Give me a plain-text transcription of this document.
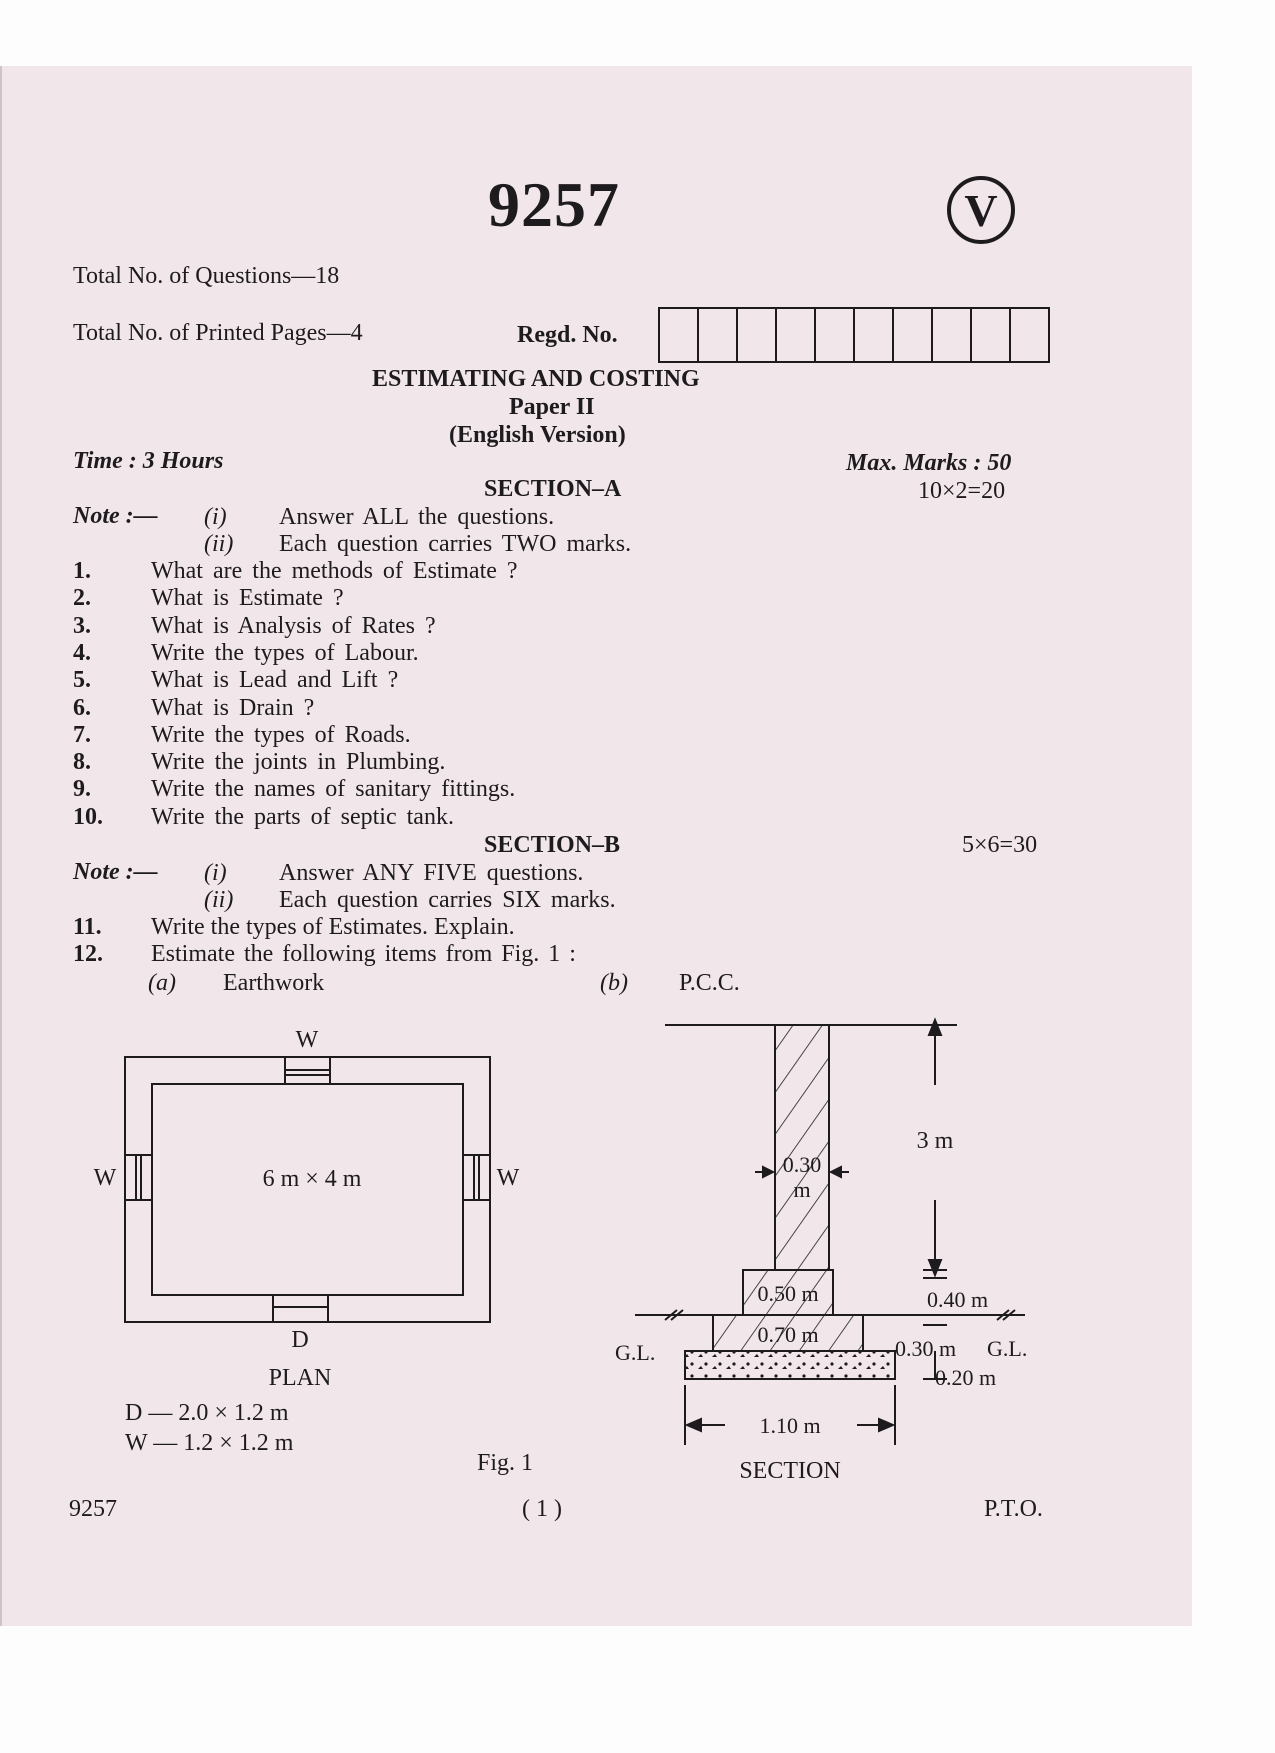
9257	V
Total No. of Questions—18
Total No. of Printed Pages—4	Regd. No.
ESTIMATING AND COSTING
Paper II
(English Version)
Time : 3 Hours	Max. Marks : 50
SECTION–A	10×2=20
Note :— (i) Answer ALL the questions.
(ii) Each question carries TWO marks.
1.	What are the methods of Estimate ?
2.	What is Estimate ?
3.	What is Analysis of Rates ?
4.	Write the types of Labour.
5.	What is Lead and Lift ?
6.	What is Drain ?
7.	Write the types of Roads.
8.	Write the joints in Plumbing.
9.	Write the names of sanitary fittings.
10. Write the parts of septic tank.
SECTION–B	5×6=30
Note :— (i) Answer ANY FIVE questions.
(ii) Each question carries SIX marks.
11. Write the types of Estimates. Explain.
12. Estimate the following items from Fig. 1 :
(a) Earthwork	(b) P.C.C.
W
W	W
6 m × 4 m
D
PLAN
D — 2.0 × 1.2 m
W — 1.2 × 1.2 m
Fig. 1
0.30
m
3 m
0.50 m	0.40 m
0.70 m
0.30 m G.L.
G.L.
0.20 m
1.10 m
SECTION
9257	( 1 )	P.T.O.
